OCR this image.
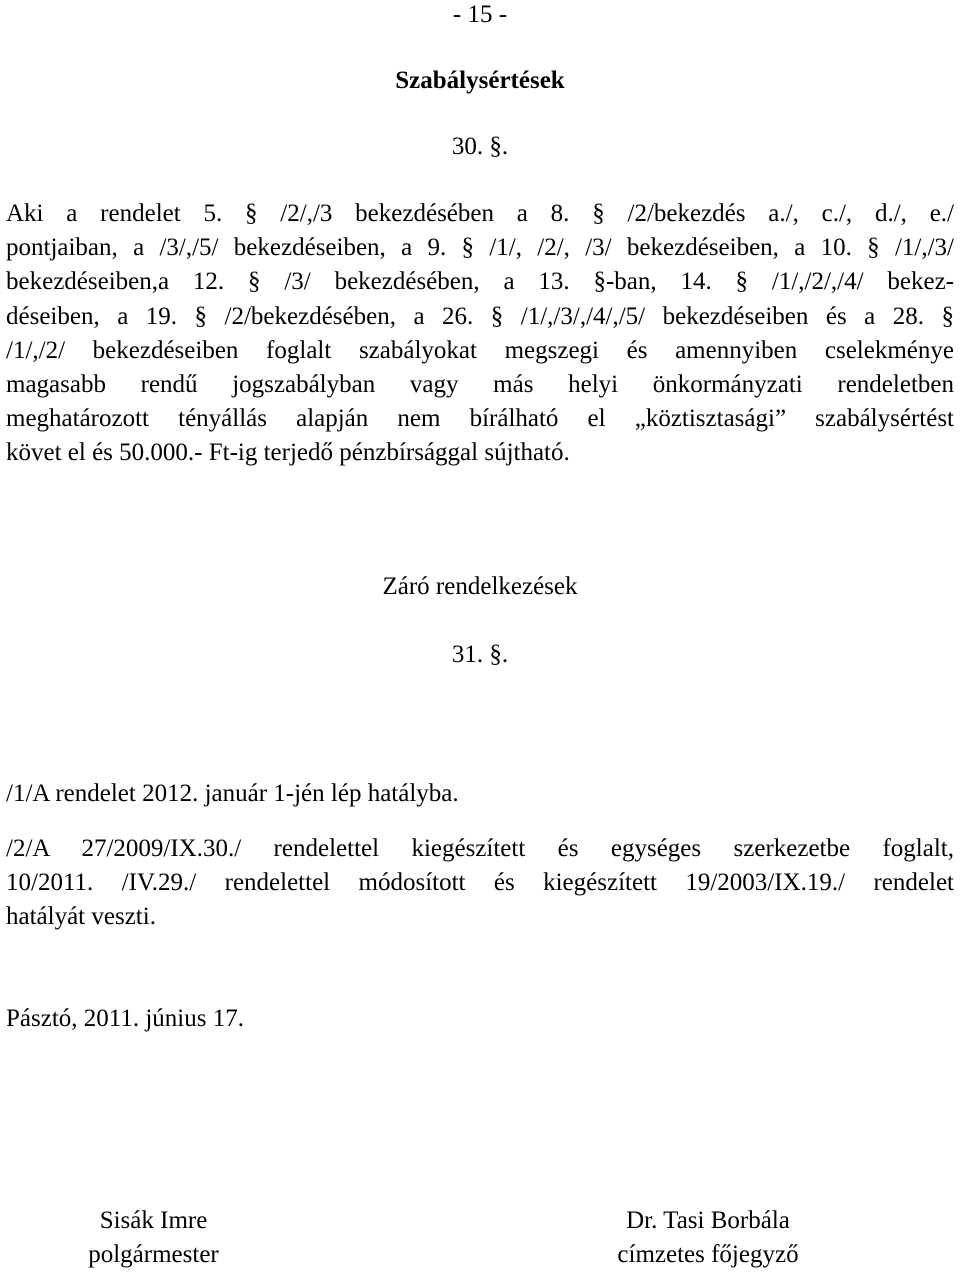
- 15 -
Szabálysértések
30. §.
Aki a rendelet 5. § /2/,/3 bekezdésében a 8. § /2/bekezdés a./, c./, d./, e./
pontjaiban, a /3/,/5/ bekezdéseiben, a 9. § /1/, /2/, /3/ bekezdéseiben, a 10. § /1/,/3/
bekezdéseiben,a 12. § /3/ bekezdésében, a 13. §-ban, 14. § /1/,/2/,/4/ bekez-
déseiben, a 19. § /2/bekezdésében, a 26. § /1/,/3/,/4/,/5/ bekezdéseiben és a 28. §
/1/,/2/ bekezdéseiben foglalt szabályokat megszegi és amennyiben cselekménye
magasabb rendű jogszabályban vagy más helyi önkormányzati rendeletben
meghatározott tényállás alapján nem bírálható el „köztisztasági” szabálysértést
követ el és 50.000.- Ft-ig terjedő pénzbírsággal sújtható.
Záró rendelkezések
31. §.
/1/A rendelet 2012. január 1-jén lép hatályba.
/2/A 27/2009/IX.30./ rendelettel kiegészített és egységes szerkezetbe foglalt,
10/2011. /IV.29./ rendelettel módosított és kiegészített 19/2003/IX.19./ rendelet
hatályát veszti.
Pásztó, 2011. június 17.
Sisák Imre
polgármester
Dr. Tasi Borbála
címzetes főjegyző
